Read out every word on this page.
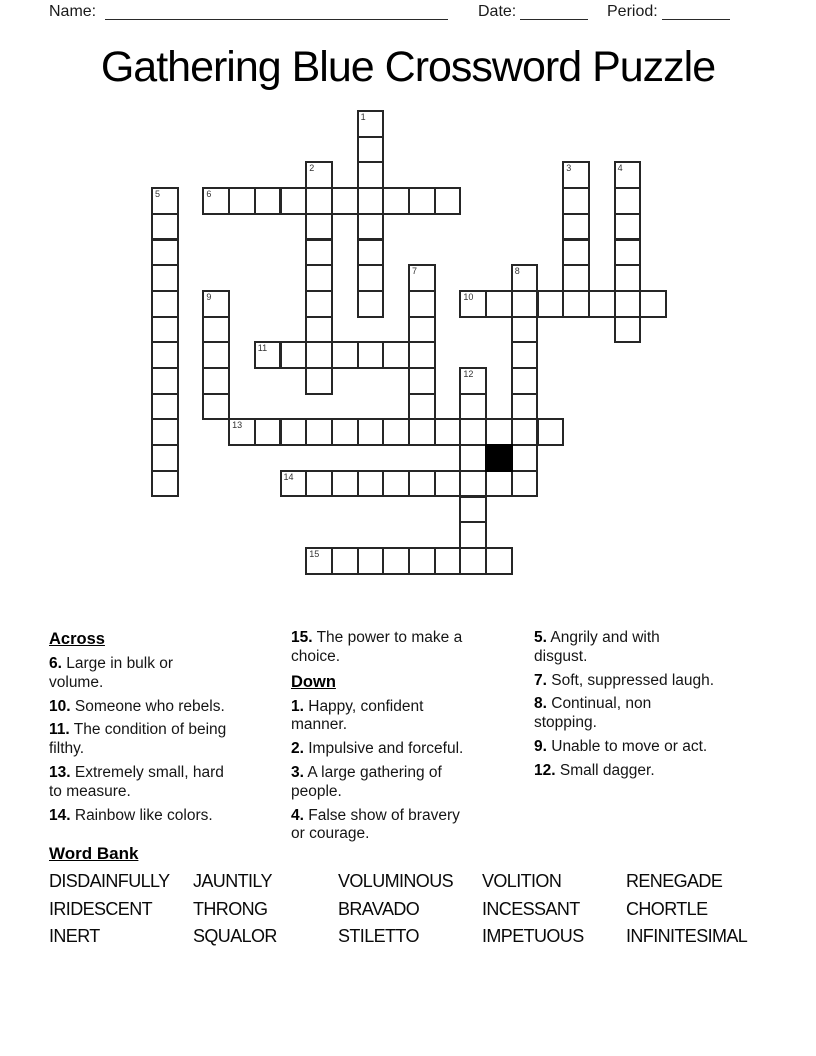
Name:	Date:	Period:
Gathering Blue Crossword Puzzle
1
2	3	4
5	6
7	8
9	10
11
12
13
14
15
Across
6. Large in bulk or
volume.
10. Someone who rebels.
11. The condition of being
filthy.
13. Extremely small, hard
to measure.
14. Rainbow like colors.
15. The power to make a
choice.
Down
1. Happy, confident
manner.
2. Impulsive and forceful.
3. A large gathering of
people.
4. False show of bravery
or courage.
5. Angrily and with
disgust.
7. Soft, suppressed laugh.
8. Continual, non
stopping.
9. Unable to move or act.
12. Small dagger.
Word Bank
DISDAINFULLY
IRIDESCENT
INERT
JAUNTILY
THRONG
SQUALOR
VOLUMINOUS
BRAVADO
STILETTO
VOLITION
INCESSANT
IMPETUOUS
RENEGADE
CHORTLE
INFINITESIMAL
